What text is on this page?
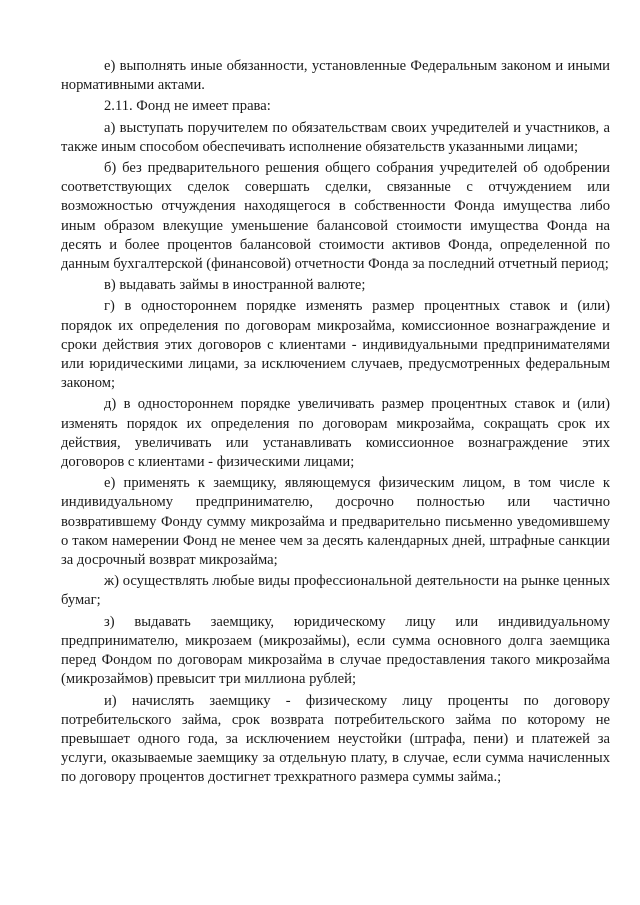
е) выполнять иные обязанности, установленные Федеральным законом и иными нормативными актами.

2.11. Фонд не имеет права:

а) выступать поручителем по обязательствам своих учредителей и участников, а также иным способом обеспечивать исполнение обязательств указанными лицами;

б) без предварительного решения общего собрания учредителей об одобрении соответствующих сделок совершать сделки, связанные с отчуждением или возможностью отчуждения находящегося в собственности Фонда имущества либо иным образом влекущие уменьшение балансовой стоимости имущества Фонда на десять и более процентов балансовой стоимости активов Фонда, определенной по данным бухгалтерской (финансовой) отчетности Фонда за последний отчетный период;

в) выдавать займы в иностранной валюте;

г) в одностороннем порядке изменять размер процентных ставок и (или) порядок их определения по договорам микрозайма, комиссионное вознаграждение и сроки действия этих договоров с клиентами - индивидуальными предпринимателями или юридическими лицами, за исключением случаев, предусмотренных федеральным законом;

д) в одностороннем порядке увеличивать размер процентных ставок и (или) изменять порядок их определения по договорам микрозайма, сокращать срок их действия, увеличивать или устанавливать комиссионное вознаграждение этих договоров с клиентами - физическими лицами;

е) применять к заемщику, являющемуся физическим лицом, в том числе к индивидуальному предпринимателю, досрочно полностью или частично возвратившему Фонду сумму микрозайма и предварительно письменно уведомившему о таком намерении Фонд не менее чем за десять календарных дней, штрафные санкции за досрочный возврат микрозайма;

ж) осуществлять любые виды профессиональной деятельности на рынке ценных бумаг;

з) выдавать заемщику, юридическому лицу или индивидуальному предпринимателю, микрозаем (микрозаймы), если сумма основного долга заемщика перед Фондом по договорам микрозайма в случае предоставления такого микрозайма (микрозаймов) превысит три миллиона рублей;

и) начислять заемщику - физическому лицу проценты по договору потребительского займа, срок возврата потребительского займа по которому не превышает одного года, за исключением неустойки (штрафа, пени) и платежей за услуги, оказываемые заемщику за отдельную плату, в случае, если сумма начисленных по договору процентов достигнет трехкратного размера суммы займа.;
